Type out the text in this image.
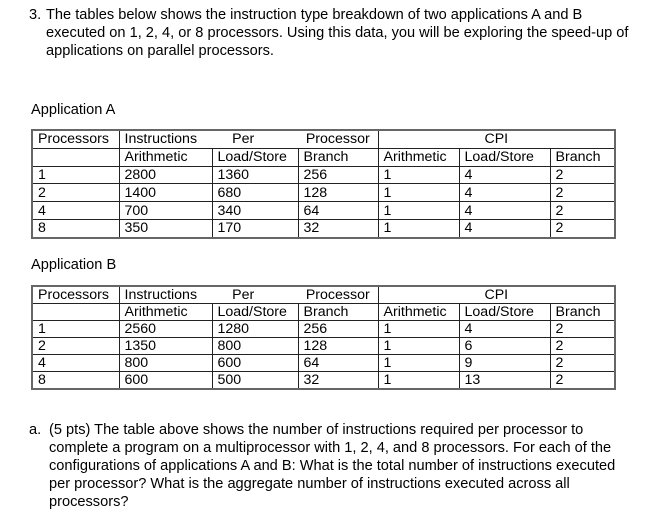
3. The tables below shows the instruction type breakdown of two applications A and B executed on 1, 2, 4, or 8 processors. Using this data, you will be exploring the speed-up of applications on parallel processors.
Application A
Processors	Instructions Per Processor			CPI		
	Arithmetic	Load/Store	Branch	Arithmetic	Load/Store	Branch
1	2800	1360	256	1	4	2
2	1400	680	128	1	4	2
4	700	340	64	1	4	2
8	350	170	32	1	4	2
Application B
Processors	Instructions Per Processor			CPI		
	Arithmetic	Load/Store	Branch	Arithmetic	Load/Store	Branch
1	2560	1280	256	1	4	2
2	1350	800	128	1	6	2
4	800	600	64	1	9	2
8	600	500	32	1	13	2
a. (5 pts) The table above shows the number of instructions required per processor to complete a program on a multiprocessor with 1, 2, 4, and 8 processors. For each of the configurations of applications A and B: What is the total number of instructions executed per processor? What is the aggregate number of instructions executed across all processors?
